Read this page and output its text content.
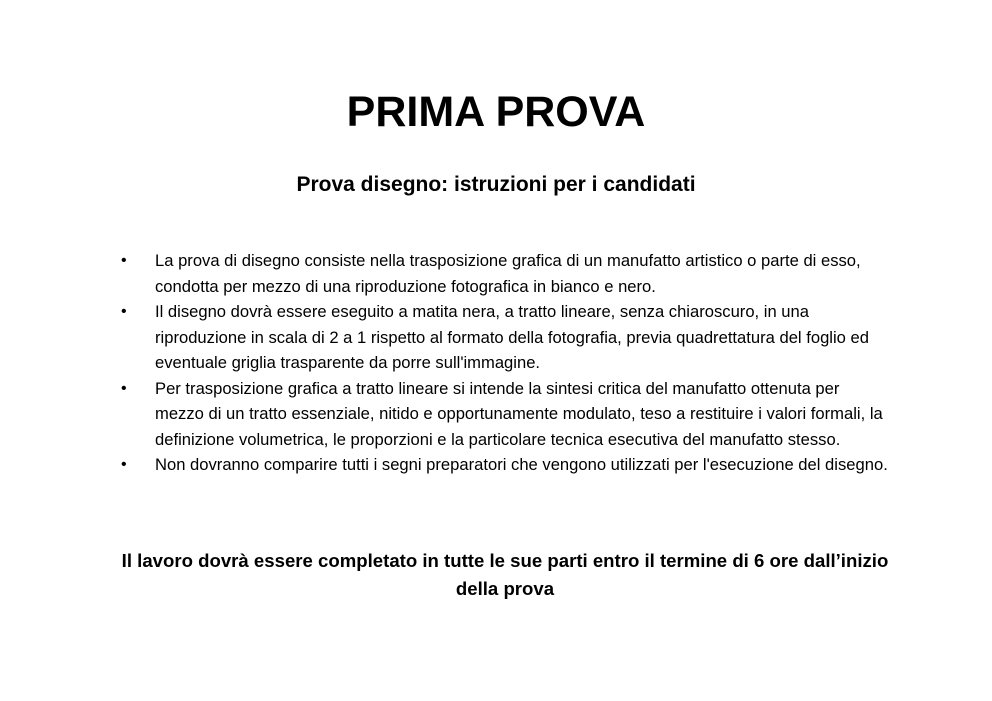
PRIMA PROVA
Prova disegno: istruzioni per i candidati
• La prova di disegno consiste nella trasposizione grafica di un manufatto artistico o parte di esso, condotta per mezzo di una riproduzione fotografica in bianco e nero.
• Il disegno dovrà essere eseguito a matita nera, a tratto lineare, senza chiaroscuro, in una riproduzione in scala di 2 a 1 rispetto al formato della fotografia, previa quadrettatura del foglio ed eventuale griglia trasparente da porre sull'immagine.
• Per trasposizione grafica a tratto lineare si intende la sintesi critica del manufatto ottenuta per mezzo di un tratto essenziale, nitido e opportunamente modulato, teso a restituire i valori formali, la definizione volumetrica, le proporzioni e la particolare tecnica esecutiva del manufatto stesso.
• Non dovranno comparire tutti i segni preparatori che vengono utilizzati per l'esecuzione del disegno.
Il lavoro dovrà essere completato in tutte le sue parti entro il termine di 6 ore dall’inizio della prova
